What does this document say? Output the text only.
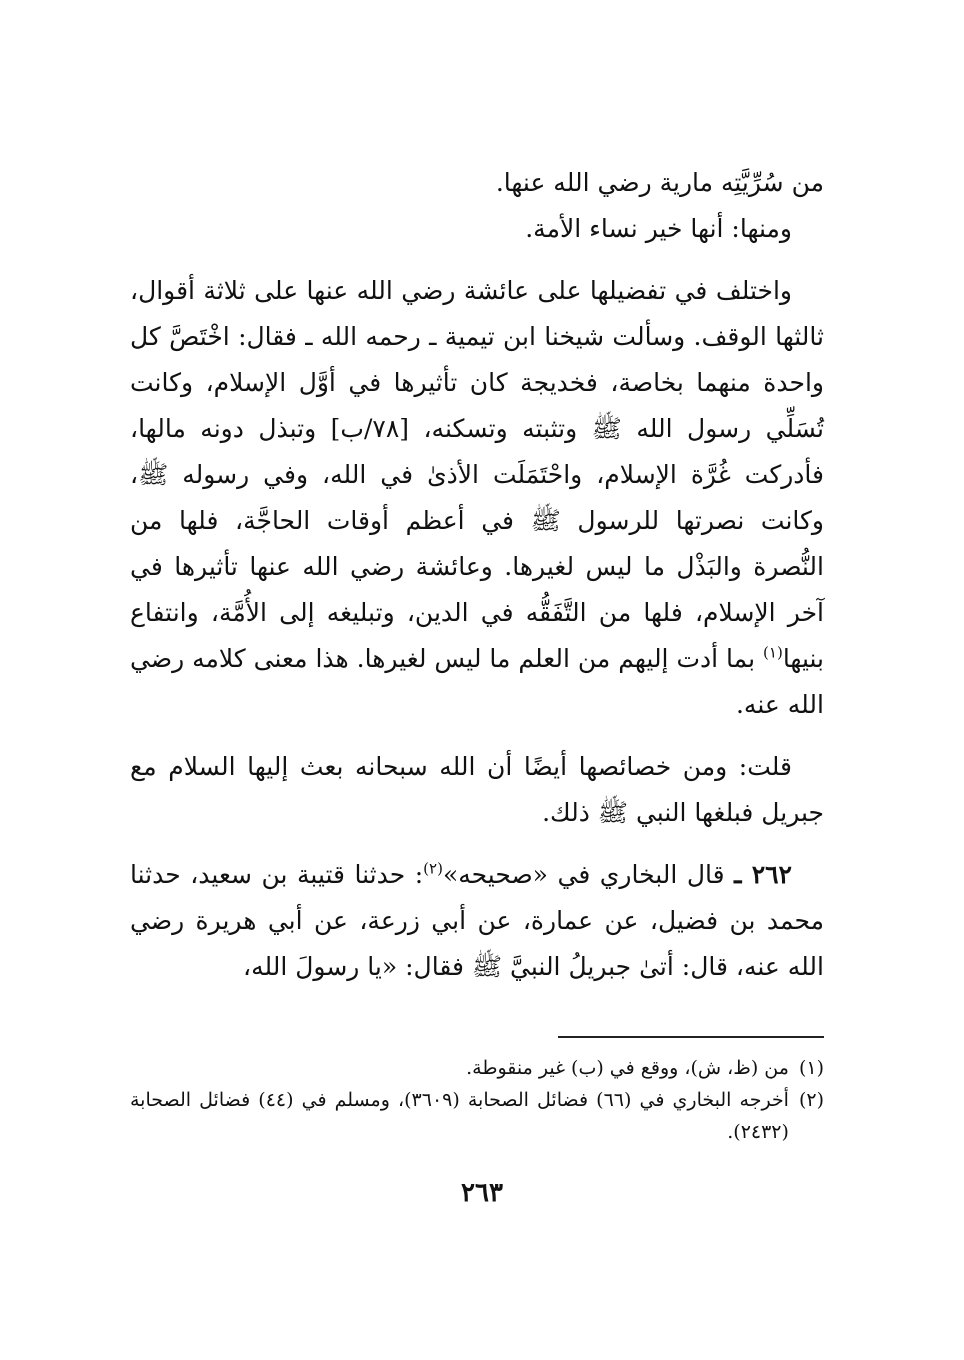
من سُرِّيَّتِه مارية رضي الله عنها.

ومنها: أنها خير نساء الأمة.

واختلف في تفضيلها على عائشة رضي الله عنها على ثلاثة أقوال، ثالثها الوقف. وسألت شيخنا ابن تيمية ـ رحمه الله ـ فقال: اخْتَصَّ كل واحدة منهما بخاصة، فخديجة كان تأثيرها في أوَّل الإسلام، وكانت تُسَلِّي رسول الله ﷺ وتثبته وتسكنه، [٧٨/ب] وتبذل دونه مالها، فأدركت غُرَّة الإسلام، واحْتَمَلَت الأذىٰ في الله، وفي رسوله ﷺ، وكانت نصرتها للرسول ﷺ في أعظم أوقات الحاجَّة، فلها من النُّصرة والبَذْل ما ليس لغيرها. وعائشة رضي الله عنها تأثيرها في آخر الإسلام، فلها من التَّفَقُّه في الدين، وتبليغه إلى الأُمَّة، وانتفاع بنيها$^{(١)}$ بما أدت إليهم من العلم ما ليس لغيرها. هذا معنى كلامه رضي الله عنه.

قلت: ومن خصائصها أيضًا أن الله سبحانه بعث إليها السلام مع جبريل فبلغها النبي ﷺ ذلك.

٢٦٢ ـ قال البخاري في «صحيحه»$^{(٢)}$: حدثنا قتيبة بن سعيد، حدثنا محمد بن فضيل، عن عمارة، عن أبي زرعة، عن أبي هريرة رضي الله عنه، قال: أتىٰ جبريلُ النبيَّ ﷺ فقال: «يا رسولَ الله،

(١)
من (ظ، ش)، ووقع في (ب) غير منقوطة.

(٢)
أخرجه البخاري في (٦٦) فضائل الصحابة (٣٦٠٩)، ومسلم في (٤٤) فضائل الصحابة (٢٤٣٢).

٢٦٣
